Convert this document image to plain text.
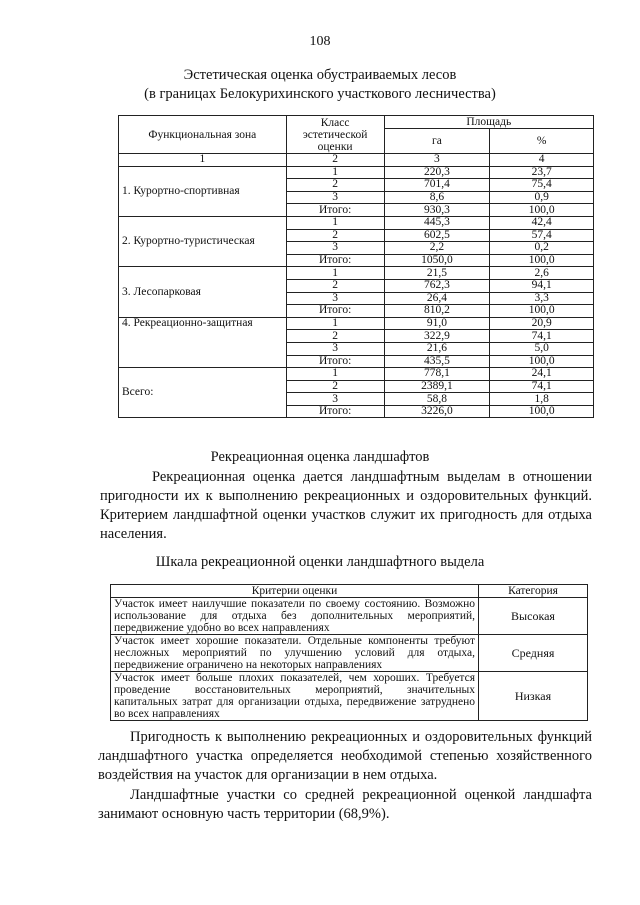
108
Эстетическая оценка обустраиваемых лесов
(в границах Белокурихинского участкового лесничества)
Функциональная зона	Класс эстетической оценки	Площадь	
		га	%
1	2	3	4
1. Курортно-спортивная	1	220,3	23,7
	2	701,4	75,4
	3	8,6	0,9
	Итого:	930,3	100,0
2. Курортно-туристическая	1	445,3	42,4
	2	602,5	57,4
	3	2,2	0,2
	Итого:	1050,0	100,0
3. Лесопарковая	1	21,5	2,6
	2	762,3	94,1
	3	26,4	3,3
	Итого:	810,2	100,0
4. Рекреационно-защитная	1	91,0	20,9
	2	322,9	74,1
	3	21,6	5,0
	Итого:	435,5	100,0
Всего:	1	778,1	24,1
	2	2389,1	74,1
	3	58,8	1,8
	Итого:	3226,0	100,0
Рекреационная оценка ландшафтов
Рекреационная оценка дается ландшафтным выделам в отношении пригодности их к выполнению рекреационных и оздоровительных функций. Критерием ландшафтной оценки участков служит их пригодность для отдыха населения.
Шкала рекреационной оценки ландшафтного выдела
Критерии оценки	Категория
Участок имеет наилучшие показатели по своему состоянию. Возможно использование для отдыха без дополнительных мероприятий, передвижение удобно во всех направлениях	Высокая
Участок имеет хорошие показатели. Отдельные компоненты требуют несложных мероприятий по улучшению условий для отдыха, передвижение ограничено на некоторых направлениях	Средняя
Участок имеет больше плохих показателей, чем хороших. Требуется проведение восстановительных мероприятий, значительных капитальных затрат для организации отдыха, передвижение затруднено во всех направлениях	Низкая
Пригодность к выполнению рекреационных и оздоровительных функций ландшафтного участка определяется необходимой степенью хозяйственного воздействия на участок для организации в нем отдыха.
Ландшафтные участки со средней рекреационной оценкой ландшафта занимают основную часть территории (68,9%).
